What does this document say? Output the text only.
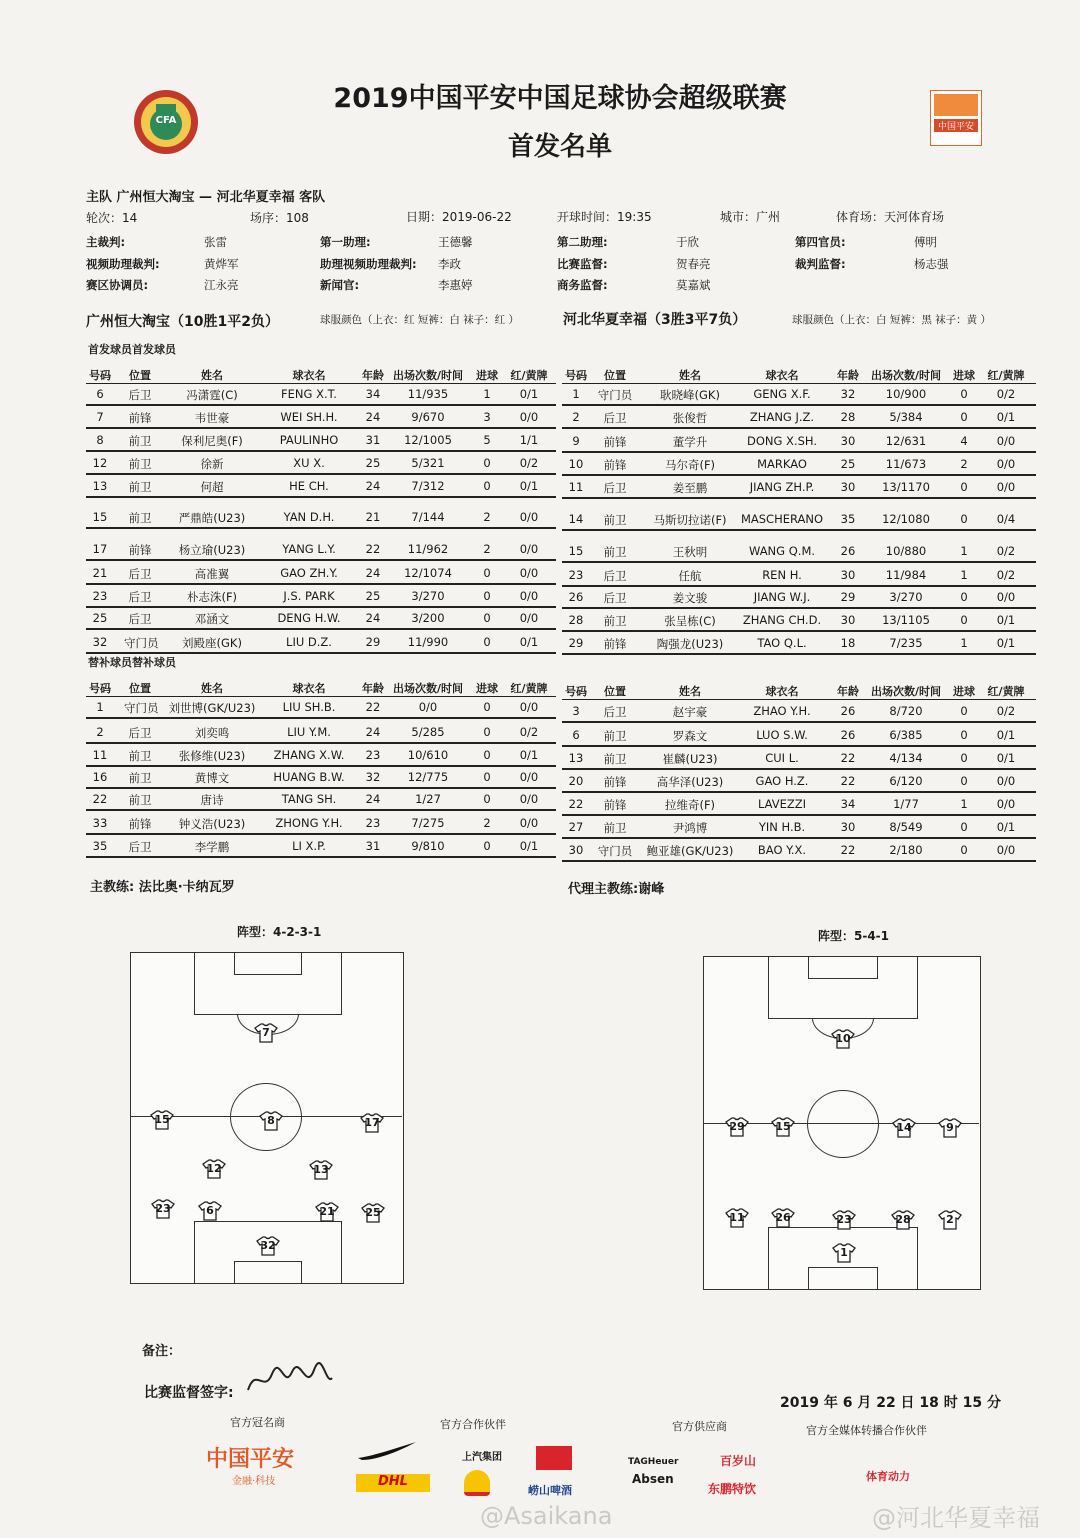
CFA
中国平安
2019中国平安中国足球协会超级联赛
首发名单
主队 广州恒大淘宝 — 河北华夏幸福 客队
轮次：14	场序：108	日期：2019-06-22	开球时间：19:35	城市：广州	体育场：天河体育场
主裁判:	张雷	第一助理:	王德馨	第二助理:	于欣	第四官员:	傅明
视频助理裁判:	黄烨军	助理视频助理裁判: 李政	比赛监督:	贺春亮	裁判监督:	杨志强
赛区协调员:	江永亮	新闻官:	李惠婷	商务监督:	莫嘉斌
广州恒大淘宝（10胜1平2负）	球服颜色（上衣：红 短裤：白 袜子：红 ）	河北华夏幸福（3胜3平7负）	球服颜色（上衣：白 短裤：黑 袜子：黄 ）
首发球员首发球员
替补球员替补球员
号码	位置	姓名	球衣名	年龄 出场次数/时间	进球 红/黄牌
6	后卫	冯潇霆(C)	FENG X.T.	34	11/935	1	0/1
7	前锋	韦世豪	WEI SH.H.	24	9/670	3	0/0
8	前卫	保利尼奥(F)	PAULINHO	31	12/1005	5	1/1
12	前卫	徐新	XU X.	25	5/321	0	0/2
13	前卫	何超	HE CH.	24	7/312	0	0/1
15	前卫	严鼎皓(U23)	YAN D.H.	21	7/144	2	0/0
17	前锋	杨立瑜(U23)	YANG L.Y.	22	11/962	2	0/0
21	后卫	高准翼	GAO ZH.Y.	24	12/1074	0	0/0
23	后卫	朴志洙(F)	J.S. PARK	25	3/270	0	0/0
25	后卫	邓涵文	DENG H.W.	24	3/200	0	0/0
32	守门员	刘殿座(GK)	LIU D.Z.	29	11/990	0	0/1
号码	位置	姓名	球衣名	年龄	出场次数/时间	进球 红/黄牌
1	守门员	耿晓峰(GK)	GENG X.F.	32	10/900	0	0/2
2	后卫	张俊哲	ZHANG J.Z.	28	5/384	0	0/1
9	前锋	董学升	DONG X.SH.	30	12/631	4	0/0
10	前锋	马尔奇(F)	MARKAO	25	11/673	2	0/0
11	后卫	姜至鹏	JIANG ZH.P.	30	13/1170	0	0/0
14	前卫	马斯切拉诺(F)	MASCHERANO	35	12/1080	0	0/4
15	前卫	王秋明	WANG Q.M.	26	10/880	1	0/2
23	后卫	任航	REN H.	30	11/984	1	0/2
26	后卫	姜文骏	JIANG W.J.	29	3/270	0	0/0
28	前卫	张呈栋(C)	ZHANG CH.D.	30	13/1105	0	0/1
29	前锋	陶强龙(U23)	TAO Q.L.	18	7/235	1	0/1
号码	位置	姓名	球衣名	年龄 出场次数/时间	进球 红/黄牌
1	守门员 刘世博(GK/U23)	LIU SH.B.	22	0/0	0	0/0
2	后卫	刘奕鸣	LIU Y.M.	24	5/285	0	0/2
11	前卫	张修维(U23)	ZHANG X.W.	23	10/610	0	0/1
16	前卫	黄博文	HUANG B.W.	32	12/775	0	0/0
22	前卫	唐诗	TANG SH.	24	1/27	0	0/0
33	前锋	钟义浩(U23)	ZHONG Y.H.	23	7/275	2	0/0
35	后卫	李学鹏	LI X.P.	31	9/810	0	0/1
号码	位置	姓名	球衣名	年龄	出场次数/时间	进球 红/黄牌
3	后卫	赵宇豪	ZHAO Y.H.	26	8/720	0	0/2
6	前卫	罗森文	LUO S.W.	26	6/385	0	0/1
13	前卫	崔麟(U23)	CUI L.	22	4/134	0	0/1
20	前锋	高华泽(U23)	GAO H.Z.	22	6/120	0	0/0
22	前锋	拉维奇(F)	LAVEZZI	34	1/77	1	0/0
27	前卫	尹鸿博	YIN H.B.	30	8/549	0	0/1
30	守门员 鲍亚雄(GK/U23)	BAO Y.X.	22	2/180	0	0/0
主教练: 法比奥·卡纳瓦罗	代理主教练:谢峰
阵型：4-2-3-1	阵型：5-4-1
7
15	8	17
12	13
23	6	21	25
32
10
29	15	14	9
11	26	23	28	2
1
备注：
比赛监督签字:
2019 年 6 月 22 日 18 时 15 分
官方冠名商	官方合作伙伴	官方供应商	官方全媒体转播合作伙伴
中国平安
金融·科技	DHL
上汽集团
崂山啤酒
TAGHeuer
Absen
百岁山
东鹏特饮
体育动力
@Asaikana	@河北华夏幸福
